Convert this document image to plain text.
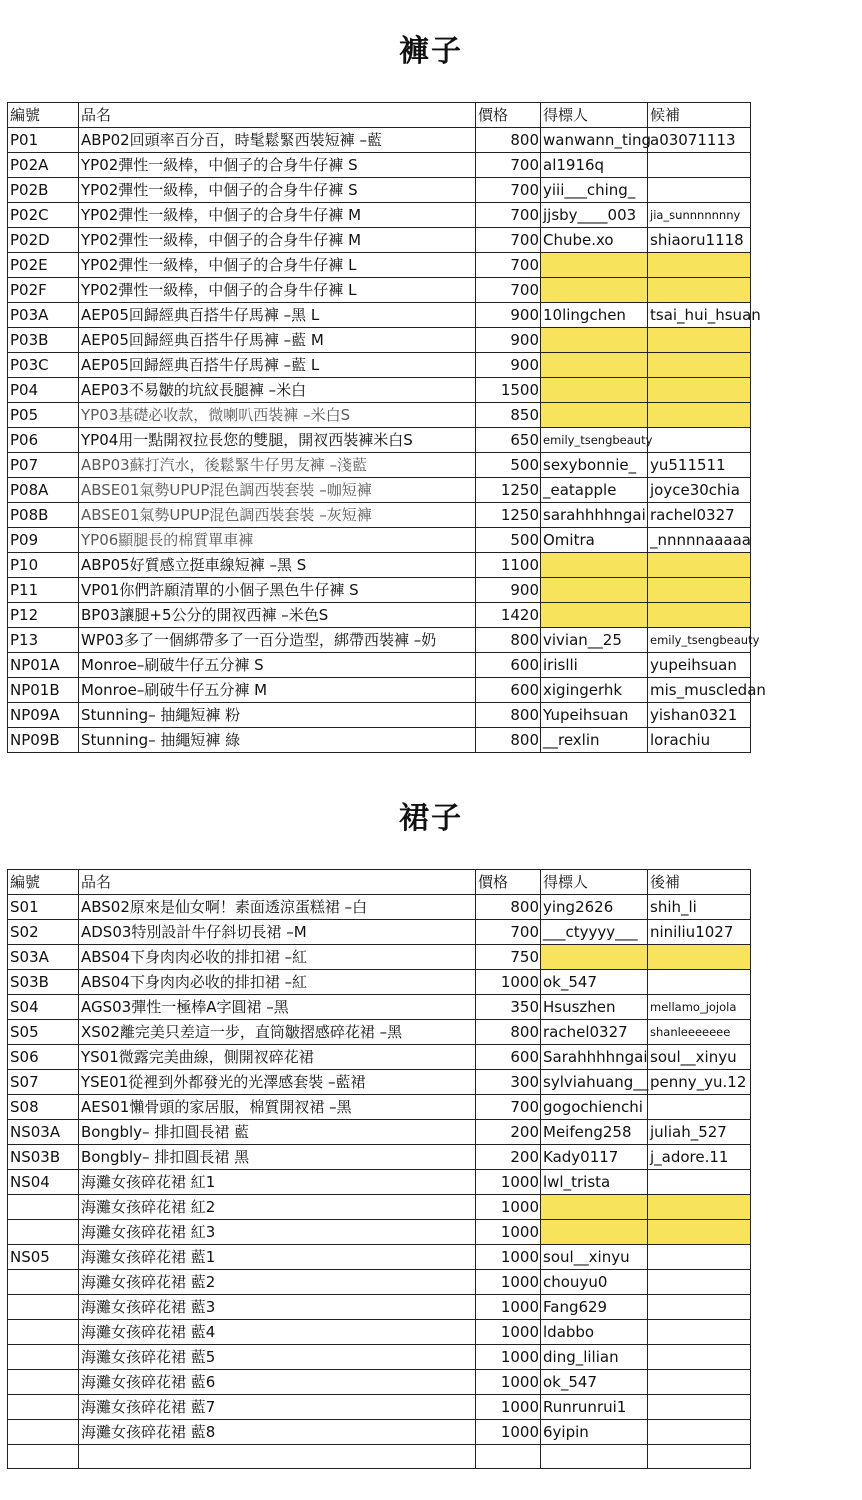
褲子
編號	品名	價格	得標人	候補
P01	ABP02回頭率百分百，時髦鬆緊西裝短褲 –藍	800	wanwann_ting	a03071113
P02A	YP02彈性一級棒，中個子的合身牛仔褲 S	700	al1916q	
P02B	YP02彈性一級棒，中個子的合身牛仔褲 S	700	yiii___ching_	
P02C	YP02彈性一級棒，中個子的合身牛仔褲 M	700	jjsby____003	jia_sunnnnnnny
P02D	YP02彈性一級棒，中個子的合身牛仔褲 M	700	Chube.xo	shiaoru1118
P02E	YP02彈性一級棒，中個子的合身牛仔褲 L	700		
P02F	YP02彈性一級棒，中個子的合身牛仔褲 L	700		
P03A	AEP05回歸經典百搭牛仔馬褲 –黑 L	900	10lingchen	tsai_hui_hsuan
P03B	AEP05回歸經典百搭牛仔馬褲 –藍 M	900		
P03C	AEP05回歸經典百搭牛仔馬褲 –藍 L	900		
P04	AEP03不易皺的坑紋長腿褲 –米白	1500		
P05	YP03基礎必收款，微喇叭西裝褲 –米白S	850		
P06	YP04用一點開衩拉長您的雙腿，開衩西裝褲米白S	650	emily_tsengbeauty	
P07	ABP03蘇打汽水，後鬆緊牛仔男友褲 –淺藍	500	sexybonnie_	yu511511
P08A	ABSE01氣勢UPUP混色調西裝套裝 –咖短褲	1250	_eatapple	joyce30chia
P08B	ABSE01氣勢UPUP混色調西裝套裝 –灰短褲	1250	sarahhhhngai	rachel0327
P09	YP06顯腿長的棉質單車褲	500	Omitra	_nnnnnaaaaa
P10	ABP05好質感立挺車線短褲 –黑 S	1100		
P11	VP01你們許願清單的小個子黑色牛仔褲 S	900		
P12	BP03讓腿+5公分的開衩西褲 –米色S	1420		
P13	WP03多了一個綁帶多了一百分造型，綁帶西裝褲 –奶	800	vivian__25	emily_tsengbeauty
NP01A	Monroe–刷破牛仔五分褲 S	600	irislli	yupeihsuan
NP01B	Monroe–刷破牛仔五分褲 M	600	xigingerhk	mis_muscledan
NP09A	Stunning– 抽繩短褲 粉	800	Yupeihsuan	yishan0321
NP09B	Stunning– 抽繩短褲 綠	800	__rexlin	lorachiu
裙子
編號	品名	價格	得標人	後補
S01	ABS02原來是仙女啊！素面透涼蛋糕裙 –白	800	ying2626	shih_li
S02	ADS03特別設計牛仔斜切長裙 –M	700	___ctyyyy___	niniliu1027
S03A	ABS04下身肉肉必收的排扣裙 –紅	750		
S03B	ABS04下身肉肉必收的排扣裙 –紅	1000	ok_547	
S04	AGS03彈性一極棒A字圓裙 –黑	350	Hsuszhen	mellamo_jojola
S05	XS02離完美只差這一步，直筒皺摺感碎花裙 –黑	800	rachel0327	shanleeeeeee
S06	YS01微露完美曲線，側開衩碎花裙	600	Sarahhhhngai	soul__xinyu
S07	YSE01從裡到外都發光的光澤感套裝 –藍裙	300	sylviahuang__	penny_yu.12
S08	AES01懶骨頭的家居服，棉質開衩裙 –黑	700	gogochienchi	
NS03A	Bongbly– 排扣圓長裙 藍	200	Meifeng258	juliah_527
NS03B	Bongbly– 排扣圓長裙 黑	200	Kady0117	j_adore.11
NS04	海灘女孩碎花裙 紅1	1000	lwl_trista	
	海灘女孩碎花裙 紅2	1000		
	海灘女孩碎花裙 紅3	1000		
NS05	海灘女孩碎花裙 藍1	1000	soul__xinyu	
	海灘女孩碎花裙 藍2	1000	chouyu0	
	海灘女孩碎花裙 藍3	1000	Fang629	
	海灘女孩碎花裙 藍4	1000	ldabbo	
	海灘女孩碎花裙 藍5	1000	ding_lilian	
	海灘女孩碎花裙 藍6	1000	ok_547	
	海灘女孩碎花裙 藍7	1000	Runrunrui1	
	海灘女孩碎花裙 藍8	1000	6yipin	
